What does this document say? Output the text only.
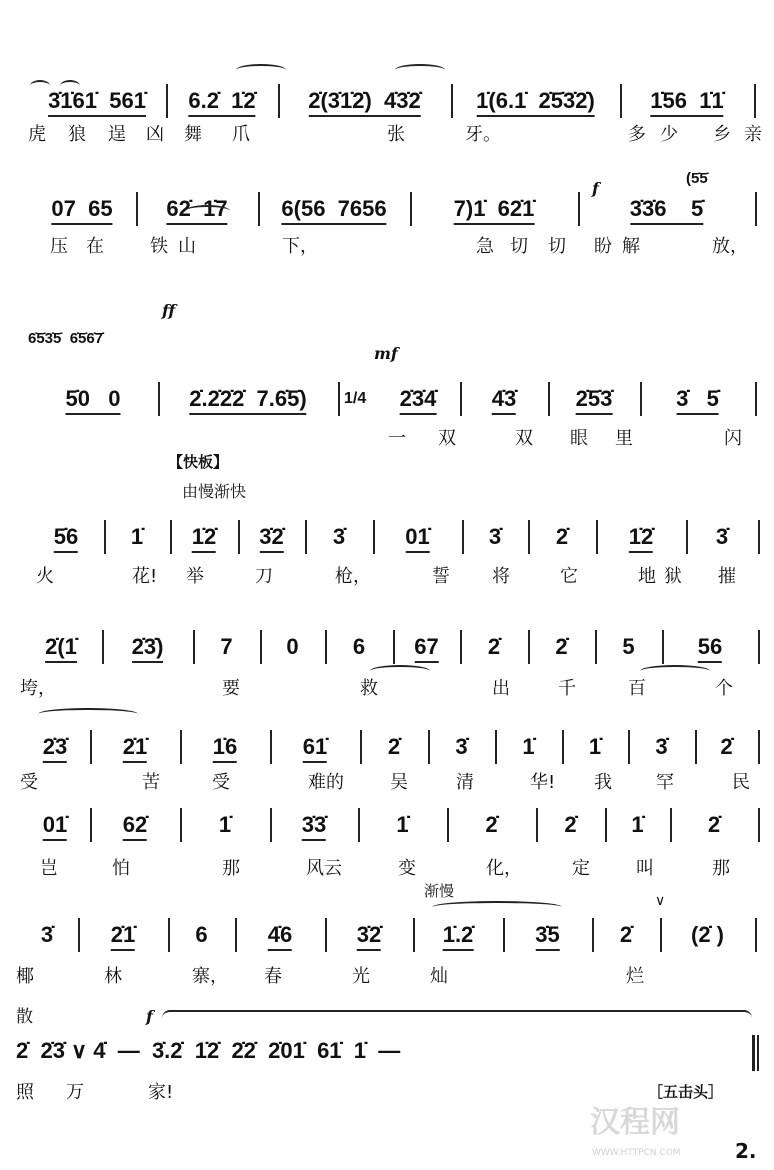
3̇1̇61̇  561̇ 6.2̇  1̇2̇ 2̇(3̇1̇2̇)  4̇3̇2̇	1̇(6.1̇  2̇5̇3̇2̇)	1̇56  1̇1̇
虎 狼 逞 凶 舞 爪	张	牙。	多 少 乡 亲
07  65 62̇  1̇7 6(56  7656	7)1̇  62̇1̇	3̇3̇6    5̇
压 在	铁 山	下，	急 切 切 盼 解	放，
5̇0   0	2̇.2̇2̇2̇  7.6̇5̇)	2̇3̇4̇	4̇3̇	2̇5̇3̇	3̇   5̇
一 双	双 眼 里	闪
5̇6 1̇ 1̇2̇ 3̇2̇ 3̇	01̇	3̇ 2̇	1̇2̇	3̇
火	花! 举	刀	枪，	誓 将	它	地 狱 摧
2̇(1̇ 2̇3̇)	7 0 6 67 2̇	2̇ 5	56
垮，	要	救	出	千	百	个
2̇3̇	2̇1̇	1̇6	61̇	2̇	3̇ 1̇ 1̇ 3̇ 2̇
受	苦	受	难的	吴	清	华! 我 罕	民
01̇	62̇	1̇	3̇3̇	1̇	2̇	2̇ 1̇	2̇
岂	怕	那	风云	变	化，	定	叫	那
3̇	2̇1̇	6	4̇6	3̇2̇	1̇.2̇	3̇5	2̇	(2̇ )
椰	林	寨， 春	光	灿	烂
2̇  2̇3̇ ∨ 4̇  —  3̇.2̇  1̇2̇  2̇2̇  2̇01̇  61̇  1̇  —
照 万	家!
f
(5̇5̇
6̇5̇3̇5̇  6̇5̇6̇7̇
ff
mf
1/4
【快板】
由慢渐快
渐慢
∨
散	f
［五击头］
汉程网
WWW.HTTPCN.COM	2.
